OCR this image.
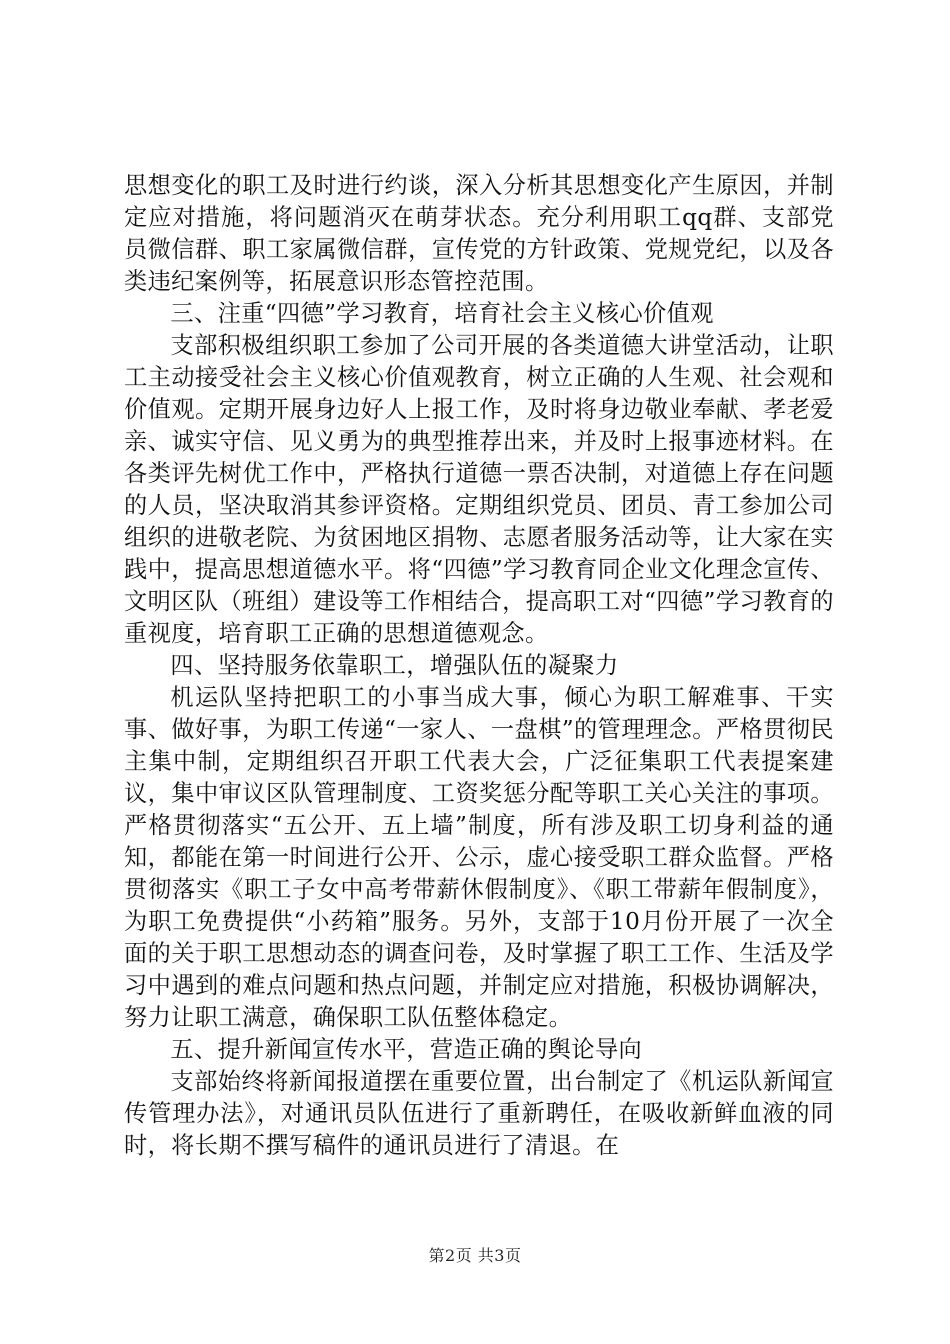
思想变化的职工及时进行约谈，深入分析其思想变化产生原因，并制定应对措施，将问题消灭在萌芽状态。充分利用职工qq群、支部党员微信群、职工家属微信群，宣传党的方针政策、党规党纪，以及各类违纪案例等，拓展意识形态管控范围。

三、注重“四德”学习教育，培育社会主义核心价值观

支部积极组织职工参加了公司开展的各类道德大讲堂活动，让职工主动接受社会主义核心价值观教育，树立正确的人生观、社会观和价值观。定期开展身边好人上报工作，及时将身边敬业奉献、孝老爱亲、诚实守信、见义勇为的典型推荐出来，并及时上报事迹材料。在各类评先树优工作中，严格执行道德一票否决制，对道德上存在问题的人员，坚决取消其参评资格。定期组织党员、团员、青工参加公司组织的进敬老院、为贫困地区捐物、志愿者服务活动等，让大家在实践中，提高思想道德水平。将“四德”学习教育同企业文化理念宣传、文明区队（班组）建设等工作相结合，提高职工对“四德”学习教育的重视度，培育职工正确的思想道德观念。

四、坚持服务依靠职工，增强队伍的凝聚力

机运队坚持把职工的小事当成大事，倾心为职工解难事、干实事、做好事，为职工传递“一家人、一盘棋”的管理理念。严格贯彻民主集中制，定期组织召开职工代表大会，广泛征集职工代表提案建议，集中审议区队管理制度、工资奖惩分配等职工关心关注的事项。严格贯彻落实“五公开、五上墙”制度，所有涉及职工切身利益的通知，都能在第一时间进行公开、公示，虚心接受职工群众监督。严格贯彻落实《职工子女中高考带薪休假制度》、《职工带薪年假制度》，为职工免费提供“小药箱”服务。另外，支部于10月份开展了一次全面的关于职工思想动态的调查问卷，及时掌握了职工工作、生活及学习中遇到的难点问题和热点问题，并制定应对措施，积极协调解决，努力让职工满意，确保职工队伍整体稳定。

五、提升新闻宣传水平，营造正确的舆论导向

支部始终将新闻报道摆在重要位置，出台制定了《机运队新闻宣传管理办法》，对通讯员队伍进行了重新聘任，在吸收新鲜血液的同时，将长期不撰写稿件的通讯员进行了清退。在

第2页 共3页
